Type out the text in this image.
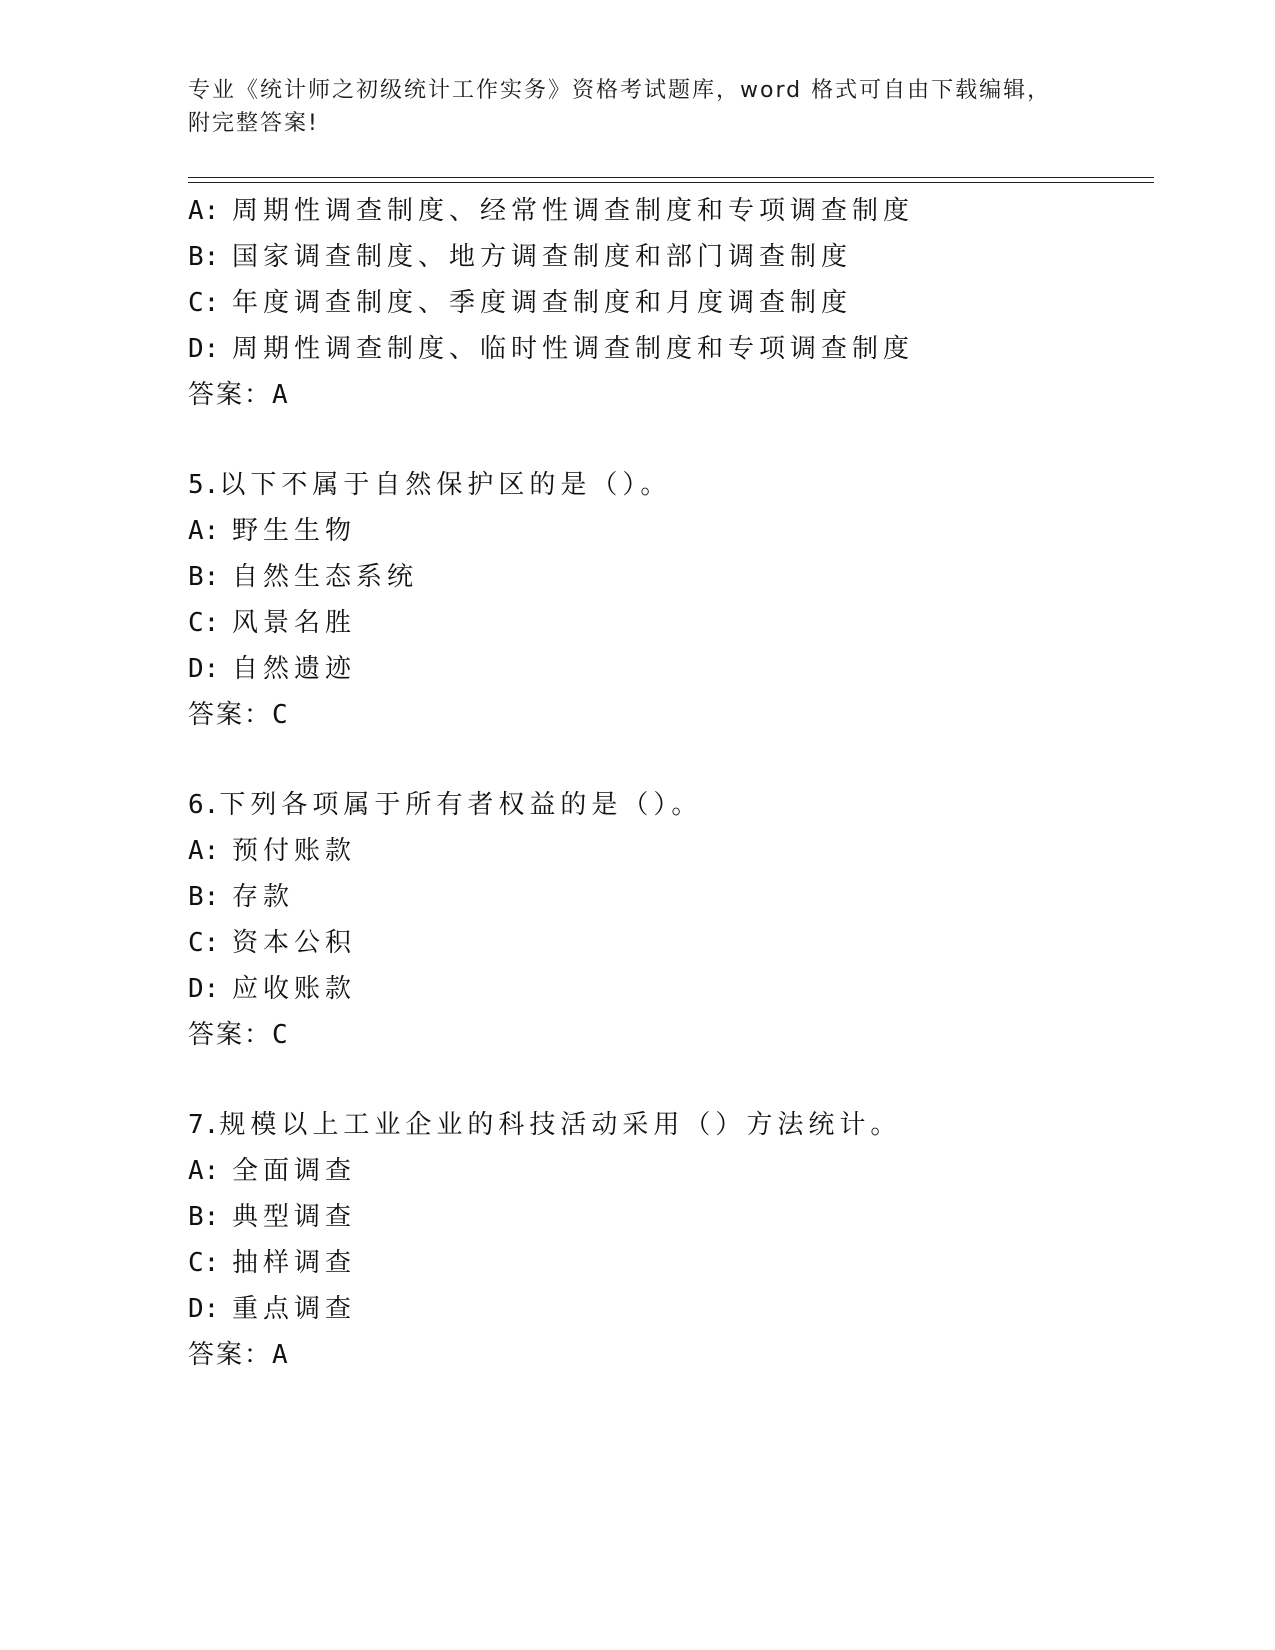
专业《统计师之初级统计工作实务》资格考试题库，word 格式可自由下载编辑，
附完整答案!
A: 周期性调查制度、经常性调查制度和专项调查制度
B: 国家调查制度、地方调查制度和部门调查制度
C: 年度调查制度、季度调查制度和月度调查制度
D: 周期性调查制度、临时性调查制度和专项调查制度
答案：A
5.以下不属于自然保护区的是（）。
A: 野生生物
B: 自然生态系统
C: 风景名胜
D: 自然遗迹
答案：C
6.下列各项属于所有者权益的是（）。
A: 预付账款
B: 存款
C: 资本公积
D: 应收账款
答案：C
7.规模以上工业企业的科技活动采用（）方法统计。
A: 全面调查
B: 典型调查
C: 抽样调查
D: 重点调查
答案：A
